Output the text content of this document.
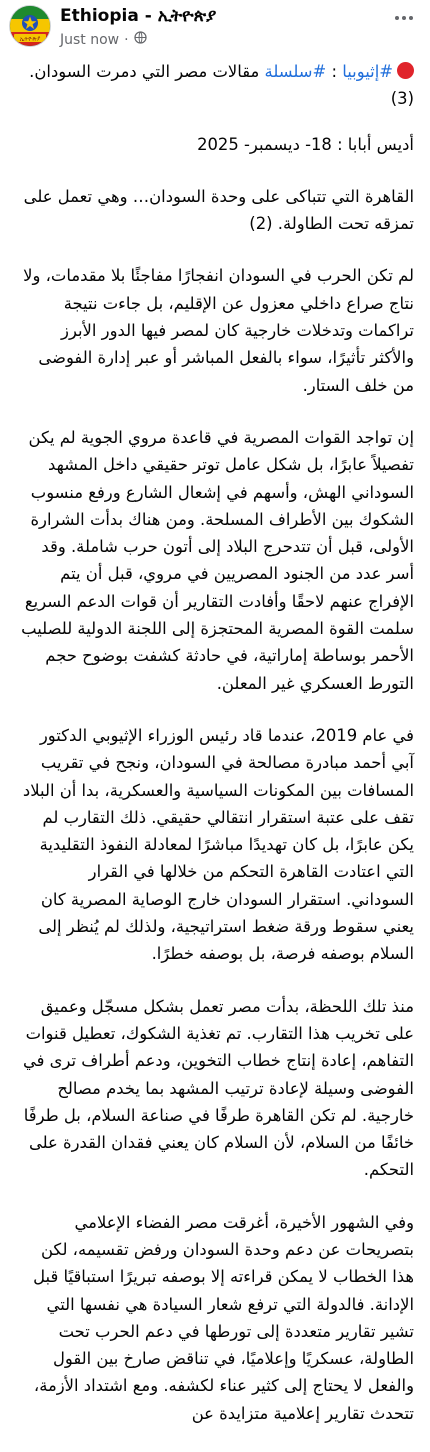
ኢትዮጵያ
Ethiopia - ኢትዮጵያ
Just now ·

#إثيوبيا : #سلسلة مقالات مصر التي دمرت السودان. (3)

أديس أبابا : 18- ديسمبر- 2025

القاهرة التي تتباكى على وحدة السودان… وهي تعمل على تمزقه تحت الطاولة. (2)

لم تكن الحرب في السودان انفجارًا مفاجئًا بلا مقدمات، ولا نتاج صراع داخلي معزول عن الإقليم، بل جاءت نتيجة تراكمات وتدخلات خارجية كان لمصر فيها الدور الأبرز والأكثر تأثيرًا، سواء بالفعل المباشر أو عبر إدارة الفوضى من خلف الستار.

إن تواجد القوات المصرية في قاعدة مروي الجوية لم يكن تفصيلاً عابرًا، بل شكل عامل توتر حقيقي داخل المشهد السوداني الهش، وأسهم في إشعال الشارع ورفع منسوب الشكوك بين الأطراف المسلحة. ومن هناك بدأت الشرارة الأولى، قبل أن تتدحرج البلاد إلى أتون حرب شاملة. وقد أسر عدد من الجنود المصريين في مروي، قبل أن يتم الإفراج عنهم لاحقًا وأفادت التقارير أن قوات الدعم السريع سلمت القوة المصرية المحتجزة إلى اللجنة الدولية للصليب الأحمر بوساطة إماراتية، في حادثة كشفت بوضوح حجم التورط العسكري غير المعلن.

في عام 2019، عندما قاد رئيس الوزراء الإثيوبي الدكتور آبي أحمد مبادرة مصالحة في السودان، ونجح في تقريب المسافات بين المكونات السياسية والعسكرية، بدا أن البلاد تقف على عتبة استقرار انتقالي حقيقي. ذلك التقارب لم يكن عابرًا، بل كان تهديدًا مباشرًا لمعادلة النفوذ التقليدية التي اعتادت القاهرة التحكم من خلالها في القرار السوداني. استقرار السودان خارج الوصاية المصرية كان يعني سقوط ورقة ضغط استراتيجية، ولذلك لم يُنظر إلى السلام بوصفه فرصة، بل بوصفه خطرًا.

منذ تلك اللحظة، بدأت مصر تعمل بشكل مسجّل وعميق على تخريب هذا التقارب. تم تغذية الشكوك، تعطيل قنوات التفاهم، إعادة إنتاج خطاب التخوين، ودعم أطراف ترى في الفوضى وسيلة لإعادة ترتيب المشهد بما يخدم مصالح خارجية. لم تكن القاهرة طرفًا في صناعة السلام، بل طرفًا خائفًا من السلام، لأن السلام كان يعني فقدان القدرة على التحكم.

وفي الشهور الأخيرة، أغرقت مصر الفضاء الإعلامي بتصريحات عن دعم وحدة السودان ورفض تقسيمه، لكن هذا الخطاب لا يمكن قراءته إلا بوصفه تبريرًا استباقيًا قبل الإدانة. فالدولة التي ترفع شعار السيادة هي نفسها التي تشير تقارير متعددة إلى تورطها في دعم الحرب تحت الطاولة، عسكريًا وإعلاميًا، في تناقض صارخ بين القول والفعل لا يحتاج إلى كثير عناء لكشفه. ومع اشتداد الأزمة، تتحدث تقارير إعلامية متزايدة عن
